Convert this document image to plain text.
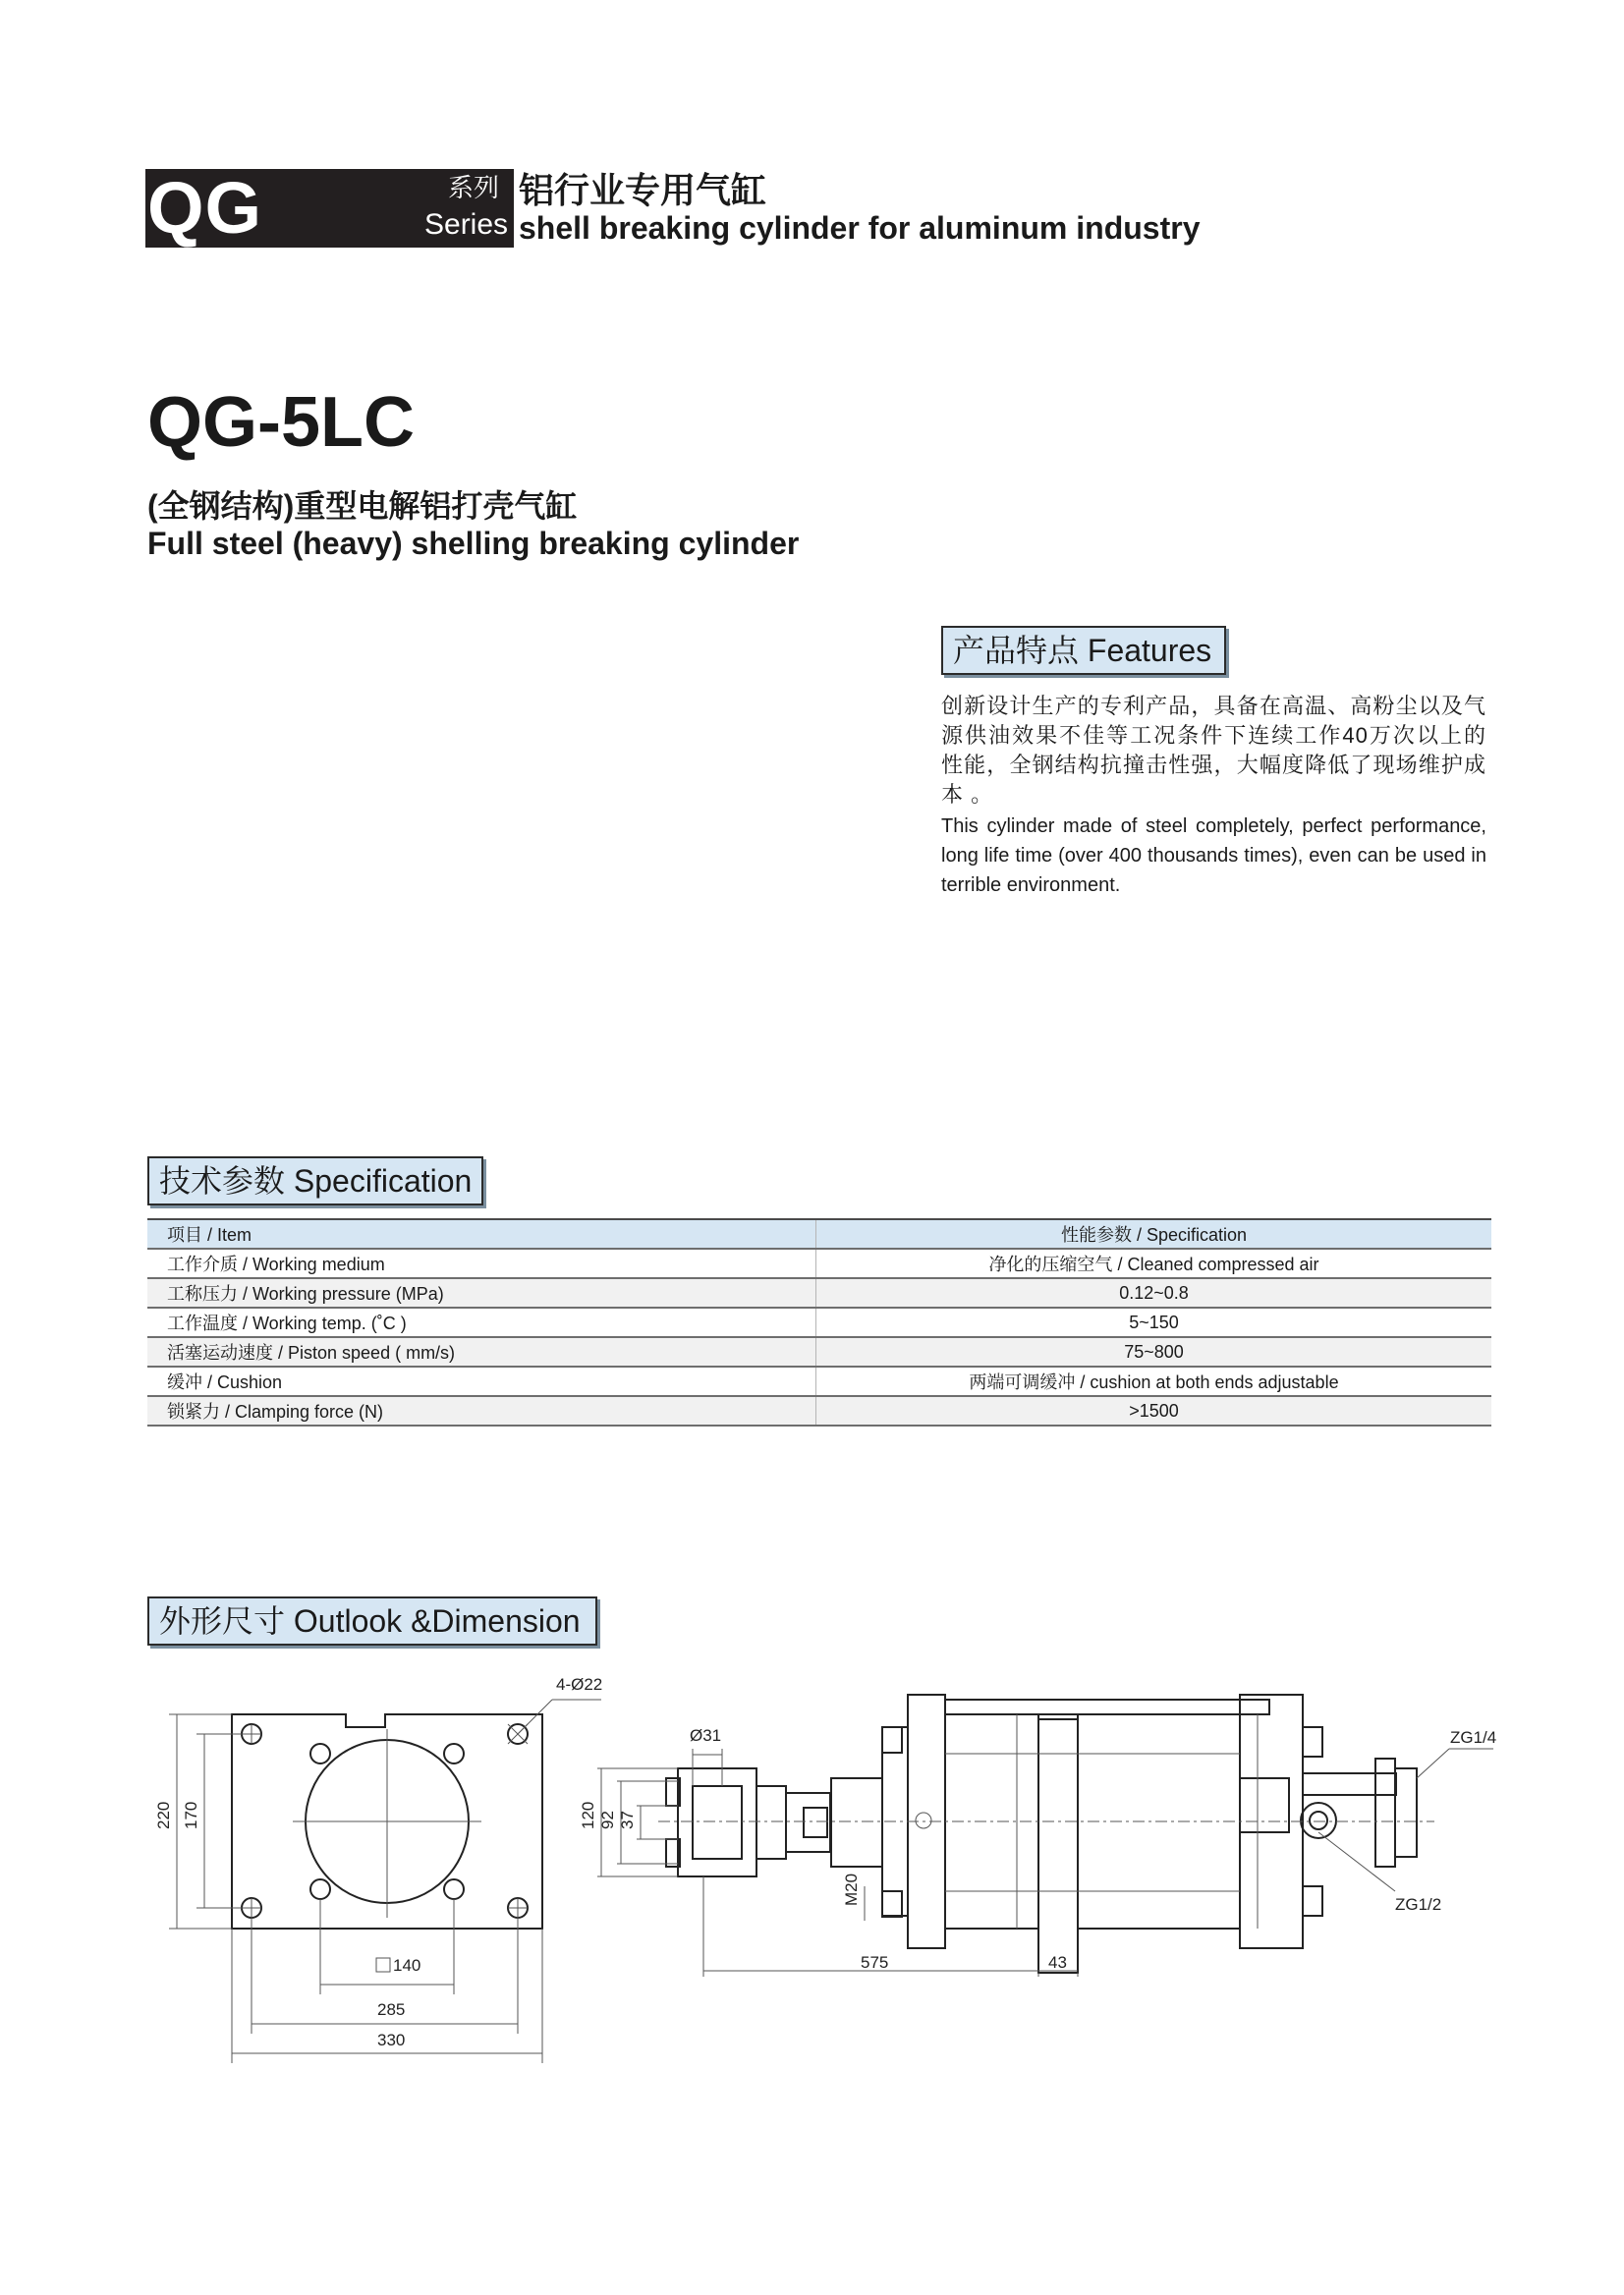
QG	系列
Series
铝行业专用气缸
shell breaking cylinder for aluminum industry
QG-5LC
(全钢结构)重型电解铝打壳气缸
Full steel (heavy) shelling breaking cylinder
产品特点 Features
创新设计生产的专利产品，具备在高温、高粉尘以及气源供油效果不佳等工况条件下连续工作40万次以上的性能，全钢结构抗撞击性强，大幅度降低了现场维护成本 。
This cylinder made of steel completely, perfect performance, long life time (over 400 thousands times), even can be used in terrible environment.
技术参数 Specification
项目 / Item	性能参数 / Specification
工作介质 / Working medium	净化的压缩空气 / Cleaned compressed air
工称压力 / Working pressure (MPa)	0.12~0.8
工作温度 / Working temp. (˚C )	5~150
活塞运动速度 / Piston speed ( mm/s)	75~800
缓冲 / Cushion	两端可调缓冲 / cushion at both ends adjustable
锁紧力 / Clamping force (N)	>1500
外形尺寸 Outlook &Dimension
4-Ø22
220 170
140
285
330
Ø31
120 92 37
M20
575	43
ZG1/4
ZG1/2
